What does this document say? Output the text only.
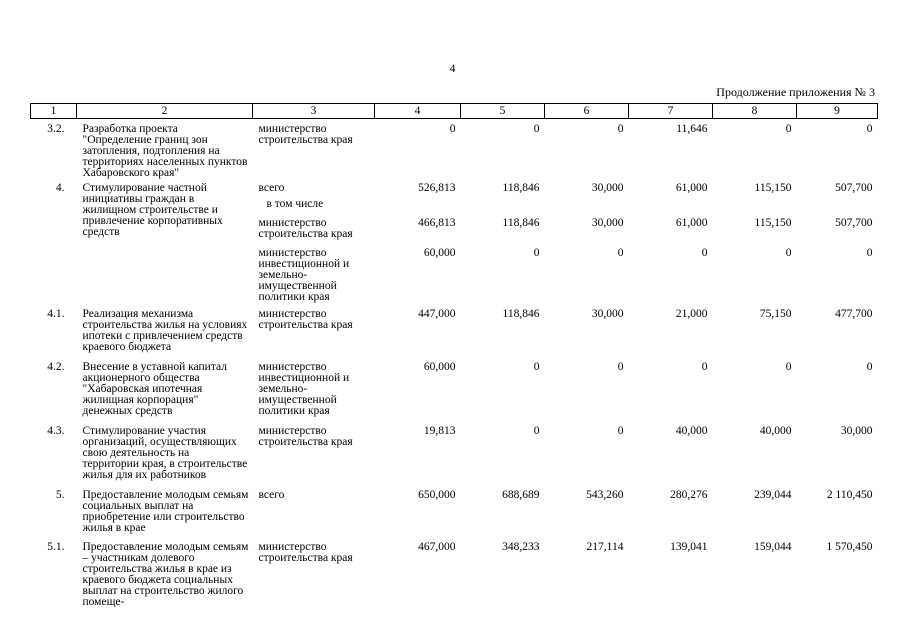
4
Продолжение приложения № 3
1	2	3	4	5	6	7	8	9
3.2.	Разработка проекта "Определение границ зон затопления, подтопления на территориях населенных пунктов Хабаровского края"	министерство строительства края	0	0	0	11,646	0	0
4.	Стимулирование частной инициативы граждан в жилищном строительстве и привлечение корпоративных средств	всего	526,813	118,846	30,000	61,000	115,150	507,700
		в том числе						
		министерство строительства края	466,813	118,846	30,000	61,000	115,150	507,700
		министерство инвестиционной и земельно-имущественной политики края	60,000	0	0	0	0	0
4.1.	Реализация механизма строительства жилья на условиях ипотеки с привлечением средств краевого бюджета	министерство строительства края	447,000	118,846	30,000	21,000	75,150	477,700
4.2.	Внесение в уставной капитал акционерного общества "Хабаровская ипотечная жилищная корпорация" денежных средств	министерство инвестиционной и земельно-имущественной политики края	60,000	0	0	0	0	0
4.3.	Стимулирование участия организаций, осуществляющих свою деятельность на территории края, в строительстве жилья для их работников	министерство строительства края	19,813	0	0	40,000	40,000	30,000
5.	Предоставление молодым семьям социальных выплат на приобретение или строительство жилья в крае	всего	650,000	688,689	543,260	280,276	239,044	2 110,450
5.1.	Предоставление молодым семьям – участникам долевого строительства жилья в крае из краевого бюджета социальных выплат на строительство жилого помеще-	министерство строительства края	467,000	348,233	217,114	139,041	159,044	1 570,450
